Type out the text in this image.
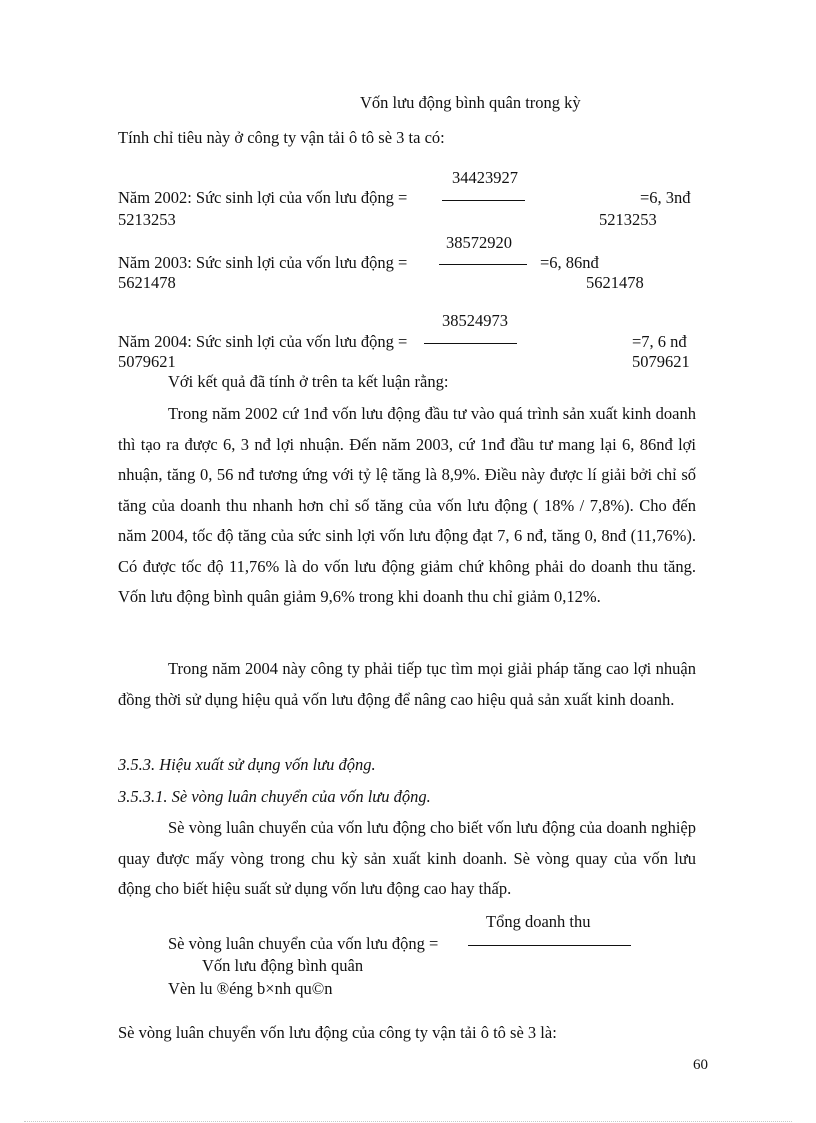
Vốn lưu động bình quân trong kỳ
Tính chỉ tiêu này ở công ty vận tải ô tô sè 3 ta có:
34423927
Năm 2002: Sức sinh lợi của vốn lưu động =	=6, 3nđ
5213253	5213253
38572920
Năm 2003: Sức sinh lợi của vốn lưu động =	=6, 86nđ
5621478	5621478
38524973
Năm 2004: Sức sinh lợi của vốn lưu động =	=7, 6 nđ
5079621	5079621
Với kết quả đã tính ở trên ta kết luận rằng:
Trong năm 2002 cứ 1nđ vốn lưu động đầu tư vào quá trình sản xuất kinh doanh thì tạo ra được 6, 3 nđ lợi nhuận. Đến năm 2003, cứ 1nđ đầu tư mang lại 6, 86nđ lợi nhuận, tăng 0, 56 nđ tương ứng với tỷ lệ tăng là 8,9%. Điều này được lí giải bởi chỉ số tăng của doanh thu nhanh hơn chỉ số tăng của vốn lưu động ( 18% / 7,8%). Cho đến năm 2004, tốc độ tăng của sức sinh lợi vốn lưu động đạt 7, 6 nđ, tăng 0, 8nđ (11,76%). Có được tốc độ 11,76% là do vốn lưu động giảm chứ không phải do doanh thu tăng. Vốn lưu động bình quân giảm 9,6% trong khi doanh thu chỉ giảm 0,12%.
Trong năm 2004 này công ty phải tiếp tục tìm mọi giải pháp tăng cao lợi nhuận đồng thời sử dụng hiệu quả vốn lưu động để nâng cao hiệu quả sản xuất kinh doanh.
3.5.3. Hiệu xuất sử dụng vốn lưu động.
3.5.3.1. Sè vòng luân chuyển của vốn lưu động.
Sè vòng luân chuyển của vốn lưu động cho biết vốn lưu động của doanh nghiệp quay được mấy vòng trong chu kỳ sản xuất kinh doanh. Sè vòng quay của vốn lưu động cho biết hiệu suất sử dụng vốn lưu động cao hay thấp.
Tổng doanh thu
Sè vòng luân chuyển của vốn lưu động =
Vốn lưu động bình quân
Vèn lu ®éng b×nh qu©n
Sè vòng luân chuyển vốn lưu động của công ty vận tải ô tô sè 3 là:
60
